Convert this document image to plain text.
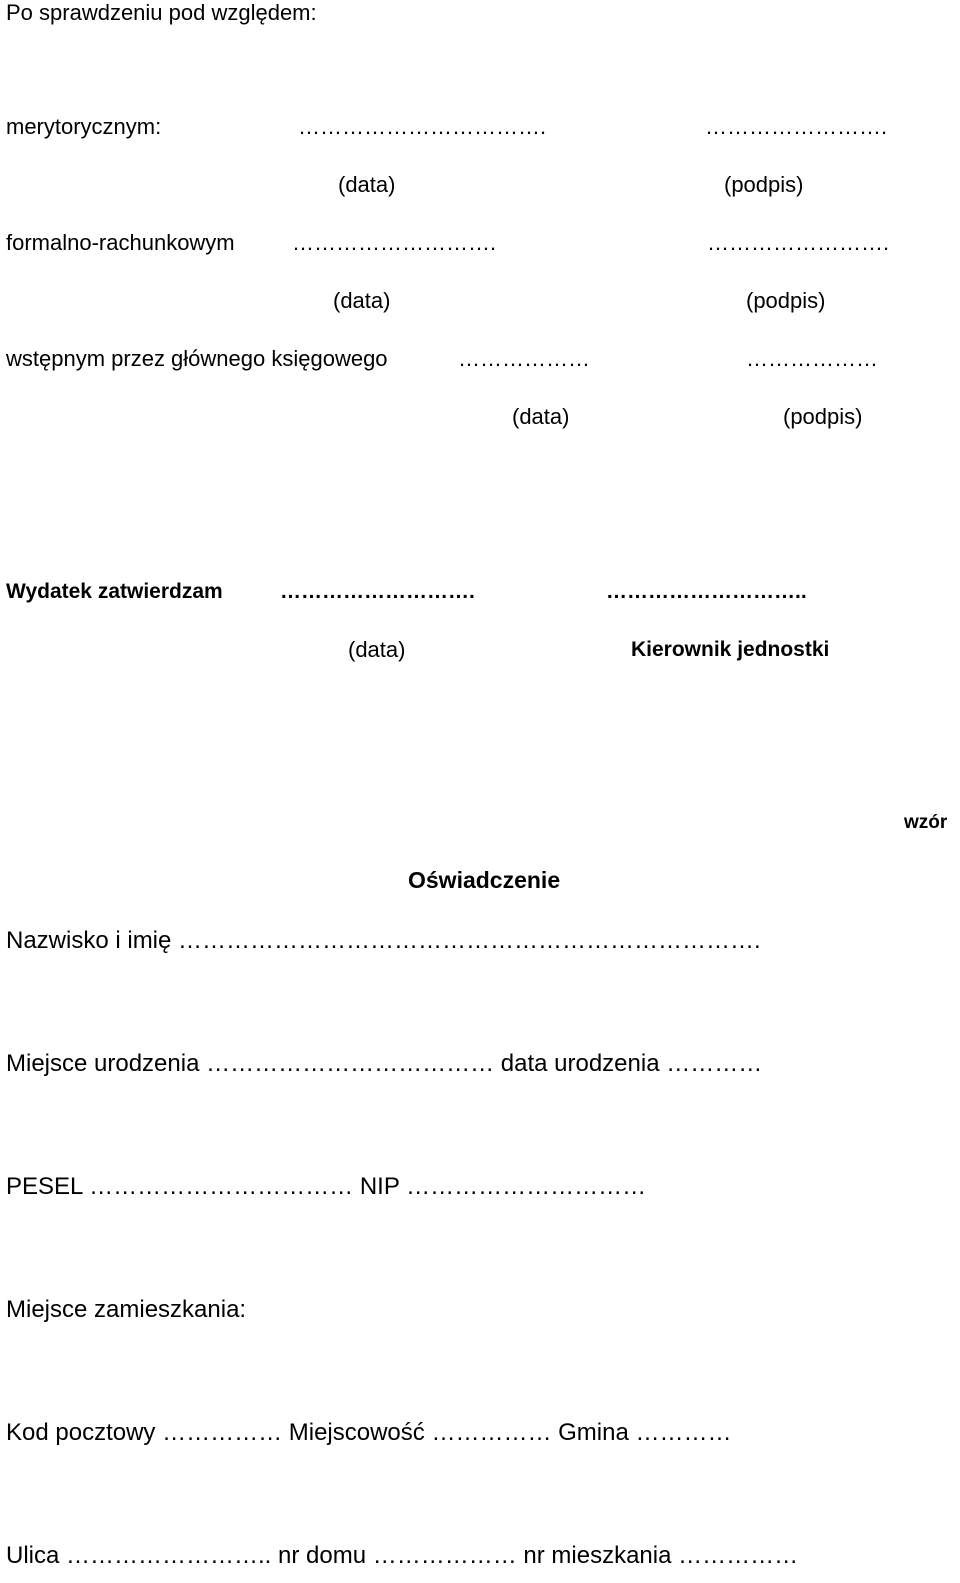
Po sprawdzeniu pod względem:

merytorycznym:	…………………………….	…………………….

(data)	(podpis)

formalno-rachunkowym	……………………….	…………………….

(data)	(podpis)

wstępnym przez głównego księgowego	………………	………………

(data)	(podpis)

Wydatek zatwierdzam	……………………….	………………………..

(data)	Kierownik jednostki

wzór

Oświadczenie

Nazwisko i imię ……………………………………………………………….

Miejsce urodzenia ……………………………… data urodzenia …………

PESEL …………………………… NIP …………………………

Miejsce zamieszkania:

Kod pocztowy …………… Miejscowość …………… Gmina …………

Ulica …………………….. nr domu ……………… nr mieszkania ……………
